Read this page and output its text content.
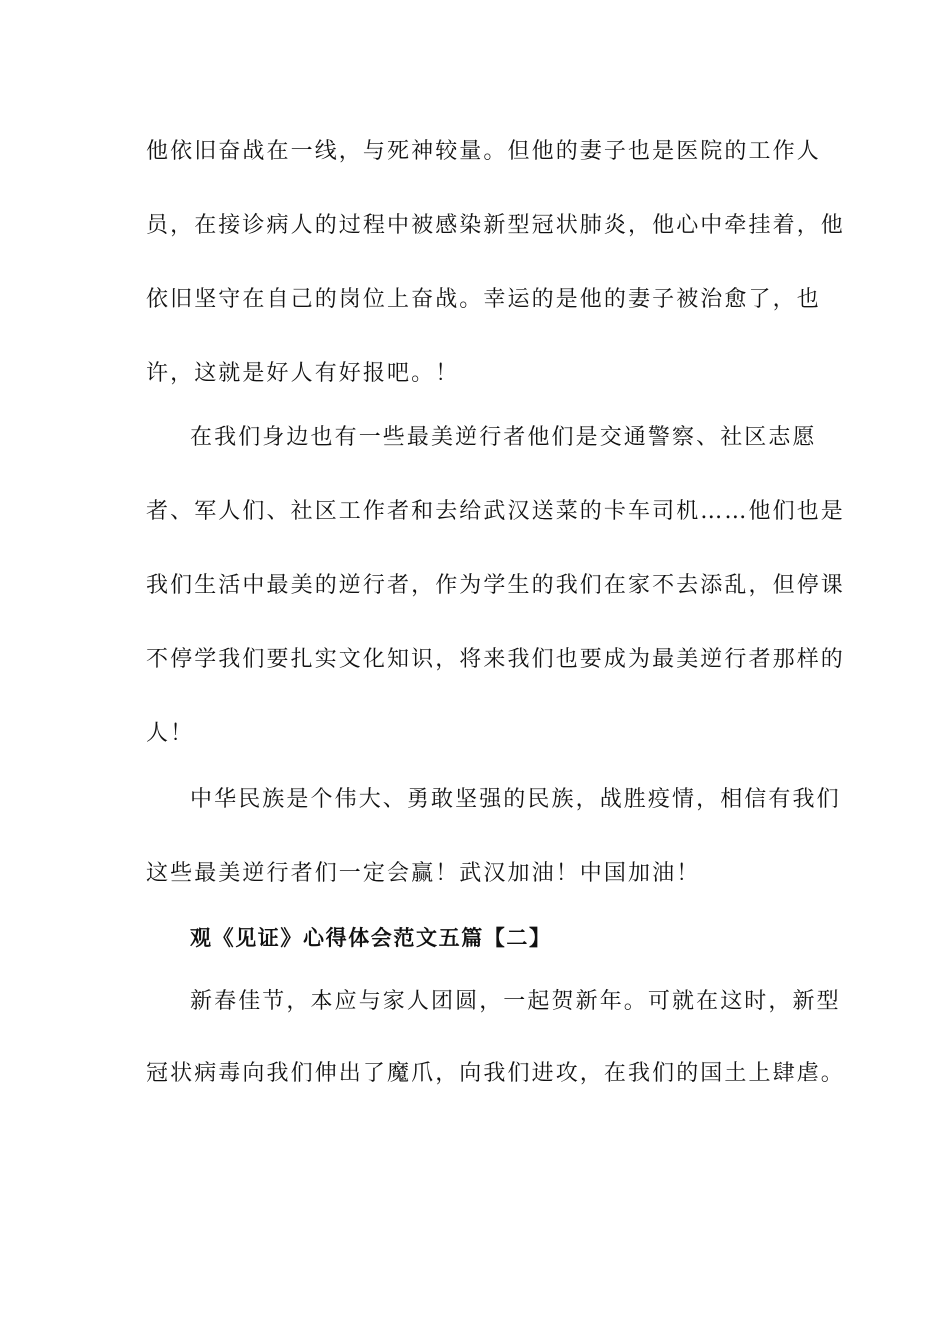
他依旧奋战在一线，与死神较量。但他的妻子也是医院的工作人
员，在接诊病人的过程中被感染新型冠状肺炎，他心中牵挂着，他
依旧坚守在自己的岗位上奋战。幸运的是他的妻子被治愈了，也
许，这就是好人有好报吧。！
在我们身边也有一些最美逆行者他们是交通警察、社区志愿
者、军人们、社区工作者和去给武汉送菜的卡车司机……他们也是
我们生活中最美的逆行者，作为学生的我们在家不去添乱，但停课
不停学我们要扎实文化知识，将来我们也要成为最美逆行者那样的
人！
中华民族是个伟大、勇敢坚强的民族，战胜疫情，相信有我们
这些最美逆行者们一定会赢！武汉加油！中国加油！
观《见证》心得体会范文五篇【二】
新春佳节，本应与家人团圆，一起贺新年。可就在这时，新型
冠状病毒向我们伸出了魔爪，向我们进攻，在我们的国土上肆虐。
